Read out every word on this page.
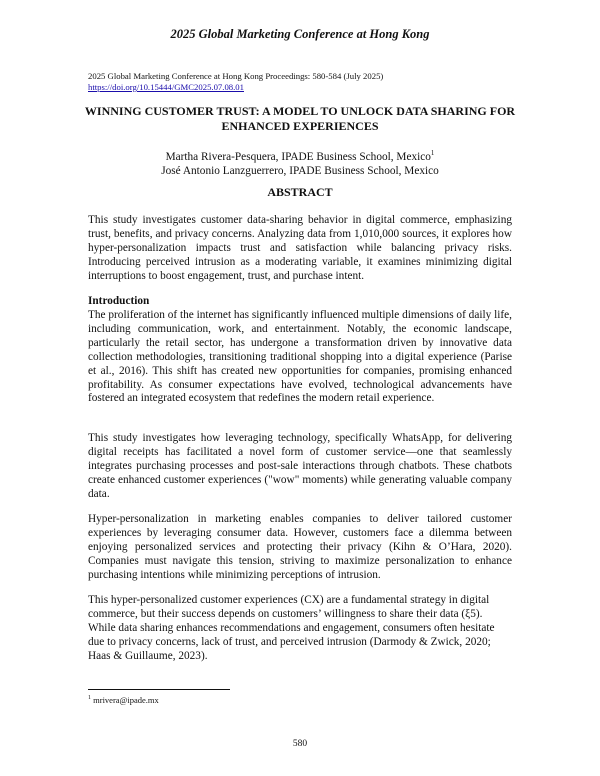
2025 Global Marketing Conference at Hong Kong
2025 Global Marketing Conference at Hong Kong Proceedings: 580-584 (July 2025)
https://doi.org/10.15444/GMC2025.07.08.01
WINNING CUSTOMER TRUST: A MODEL TO UNLOCK DATA SHARING FOR ENHANCED EXPERIENCES
Martha Rivera-Pesquera, IPADE Business School, Mexico$^1$
José Antonio Lanzguerrero, IPADE Business School, Mexico
ABSTRACT

This study investigates customer data-sharing behavior in digital commerce, emphasizing trust, benefits, and privacy concerns. Analyzing data from 1,010,000 sources, it explores how hyper-personalization impacts trust and satisfaction while balancing privacy risks. Introducing perceived intrusion as a moderating variable, it examines minimizing digital interruptions to boost engagement, trust, and purchase intent.

Introduction

The proliferation of the internet has significantly influenced multiple dimensions of daily life, including communication, work, and entertainment. Notably, the economic landscape, particularly the retail sector, has undergone a transformation driven by innovative data collection methodologies, transitioning traditional shopping into a digital experience (Parise et al., 2016). This shift has created new opportunities for companies, promising enhanced profitability. As consumer expectations have evolved, technological advancements have fostered an integrated ecosystem that redefines the modern retail experience.

This study investigates how leveraging technology, specifically WhatsApp, for delivering digital receipts has facilitated a novel form of customer service—one that seamlessly integrates purchasing processes and post-sale interactions through chatbots. These chatbots create enhanced customer experiences ("wow" moments) while generating valuable company data.

Hyper-personalization in marketing enables companies to deliver tailored customer experiences by leveraging consumer data. However, customers face a dilemma between enjoying personalized services and protecting their privacy (Kihn & O’Hara, 2020). Companies must navigate this tension, striving to maximize personalization to enhance purchasing intentions while minimizing perceptions of intrusion.

This hyper-personalized customer experiences (CX) are a fundamental strategy in digital commerce, but their success depends on customers’ willingness to share their data (ξ5). While data sharing enhances recommendations and engagement, consumers often hesitate due to privacy concerns, lack of trust, and perceived intrusion (Darmody & Zwick, 2020; Haas & Guillaume, 2023).

$^1$ mrivera@ipade.mx
580
